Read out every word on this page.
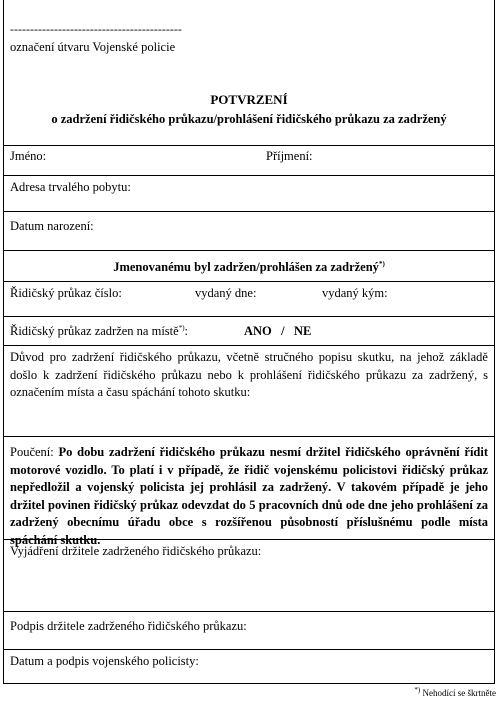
-------------------------------------------
označení útvaru Vojenské policie
POTVRZENÍ
o zadržení řidičského průkazu/prohlášení řidičského průkazu za zadržený
Jméno:	Příjmení:
Adresa trvalého pobytu:
Datum narození:
Jmenovanému byl zadržen/prohlášen za zadržený*)
Řidičský průkaz číslo:	vydaný dne:	vydaný kým:
Řidičský průkaz zadržen na místě*):	ANO   /   NE
Důvod pro zadržení řidičského průkazu, včetně stručného popisu skutku, na jehož základě došlo k zadržení řidičského průkazu nebo k prohlášení řidičského průkazu za zadržený, s označením místa a času spáchání tohoto skutku:
Poučení: Po dobu zadržení řidičského průkazu nesmí držitel řidičského oprávnění řídit motorové vozidlo. To platí i v případě, že řidič vojenskému policistovi řidičský průkaz nepředložil a vojenský policista jej prohlásil za zadržený. V takovém případě je jeho držitel povinen řidičský průkaz odevzdat do 5 pracovních dnů ode dne jeho prohlášení za zadržený obecnímu úřadu obce s rozšířenou působností příslušnému podle místa spáchání skutku.
Vyjádření držitele zadrženého řidičského průkazu:
Podpis držitele zadrženého řidičského průkazu:
Datum a podpis vojenského policisty:
*) Nehodící se škrtněte
